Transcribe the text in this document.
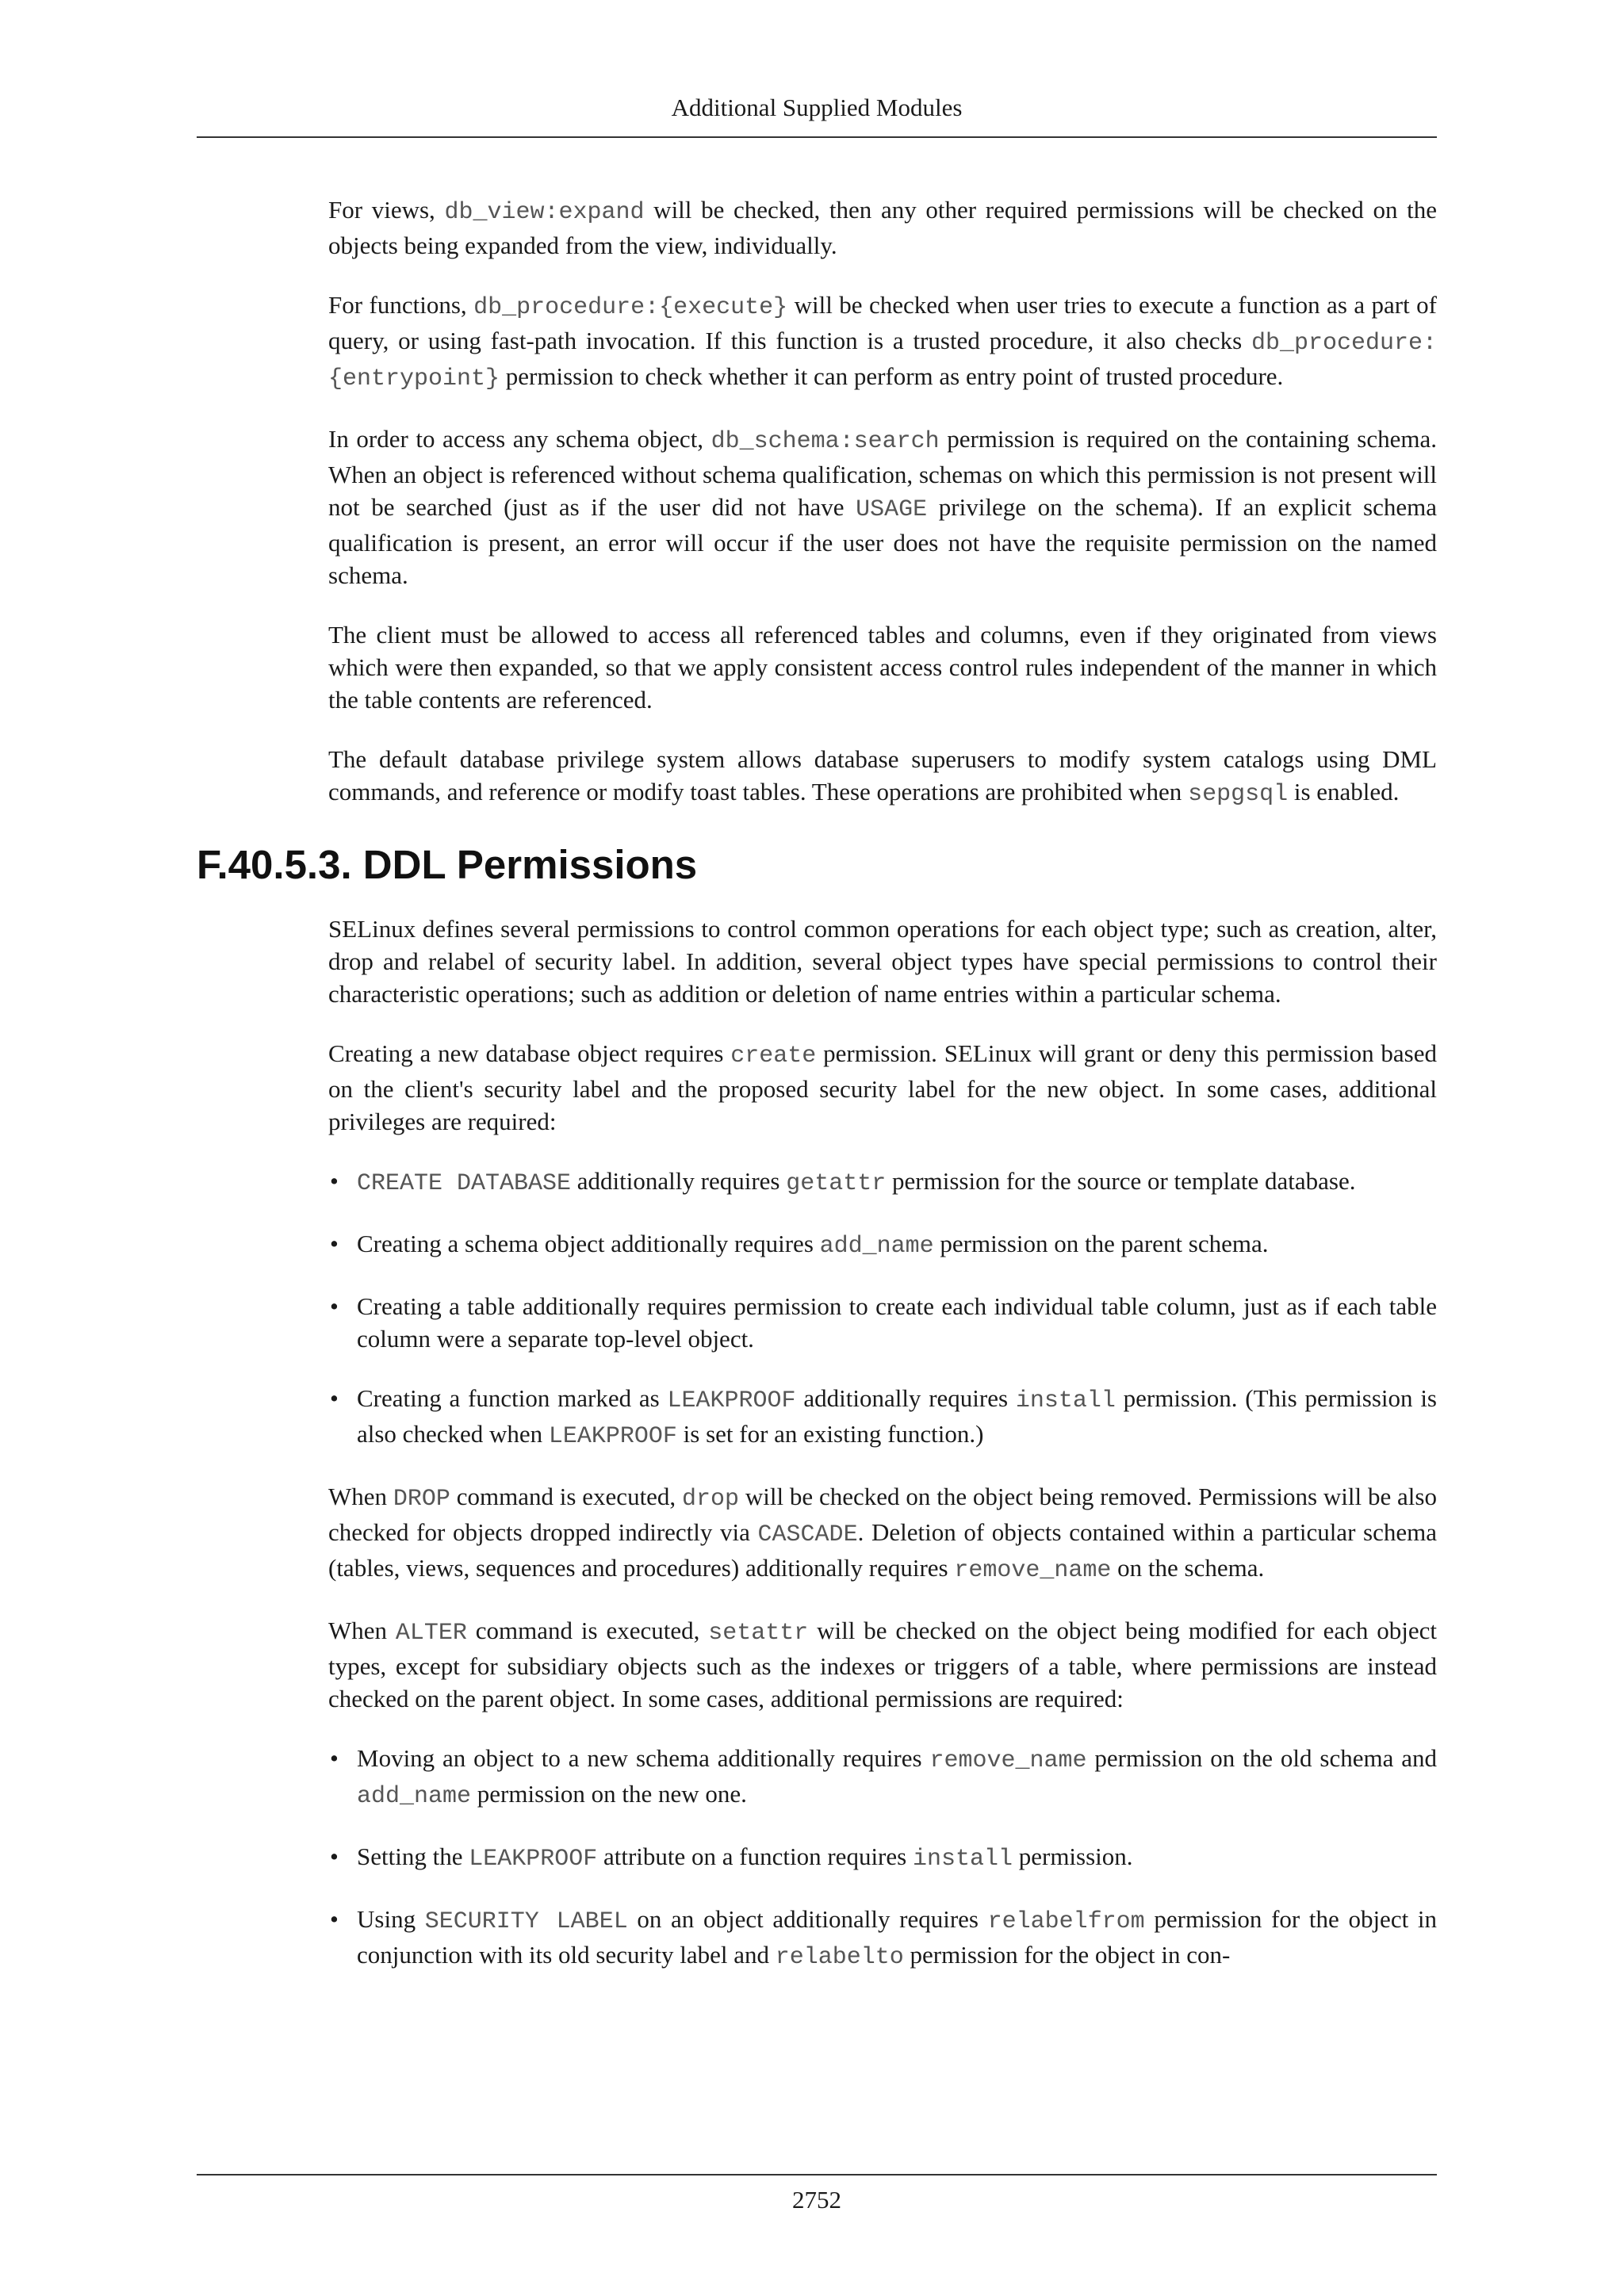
Additional Supplied Modules

For views, db_view:expand will be checked, then any other required permissions will be checked on the objects being expanded from the view, individually.

For functions, db_procedure:{execute} will be checked when user tries to execute a function as a part of query, or using fast-path invocation. If this function is a trusted procedure, it also checks db_procedure:{entrypoint} permission to check whether it can perform as entry point of trusted procedure.

In order to access any schema object, db_schema:search permission is required on the containing schema. When an object is referenced without schema qualification, schemas on which this permission is not present will not be searched (just as if the user did not have USAGE privilege on the schema). If an explicit schema qualification is present, an error will occur if the user does not have the requisite permission on the named schema.

The client must be allowed to access all referenced tables and columns, even if they originated from views which were then expanded, so that we apply consistent access control rules independent of the manner in which the table contents are referenced.

The default database privilege system allows database superusers to modify system catalogs using DML commands, and reference or modify toast tables. These operations are prohibited when sepgsql is enabled.

F.40.5.3. DDL Permissions

SELinux defines several permissions to control common operations for each object type; such as creation, alter, drop and relabel of security label. In addition, several object types have special permissions to control their characteristic operations; such as addition or deletion of name entries within a particular schema.

Creating a new database object requires create permission. SELinux will grant or deny this permission based on the client's security label and the proposed security label for the new object. In some cases, additional privileges are required:

• CREATE DATABASE additionally requires getattr permission for the source or template database.
• Creating a schema object additionally requires add_name permission on the parent schema.
• Creating a table additionally requires permission to create each individual table column, just as if each table column were a separate top-level object.
• Creating a function marked as LEAKPROOF additionally requires install permission. (This permission is also checked when LEAKPROOF is set for an existing function.)

When DROP command is executed, drop will be checked on the object being removed. Permissions will be also checked for objects dropped indirectly via CASCADE. Deletion of objects contained within a particular schema (tables, views, sequences and procedures) additionally requires remove_name on the schema.

When ALTER command is executed, setattr will be checked on the object being modified for each object types, except for subsidiary objects such as the indexes or triggers of a table, where permissions are instead checked on the parent object. In some cases, additional permissions are required:

• Moving an object to a new schema additionally requires remove_name permission on the old schema and add_name permission on the new one.
• Setting the LEAKPROOF attribute on a function requires install permission.
• Using SECURITY LABEL on an object additionally requires relabelfrom permission for the object in conjunction with its old security label and relabelto permission for the object in con-
2752
